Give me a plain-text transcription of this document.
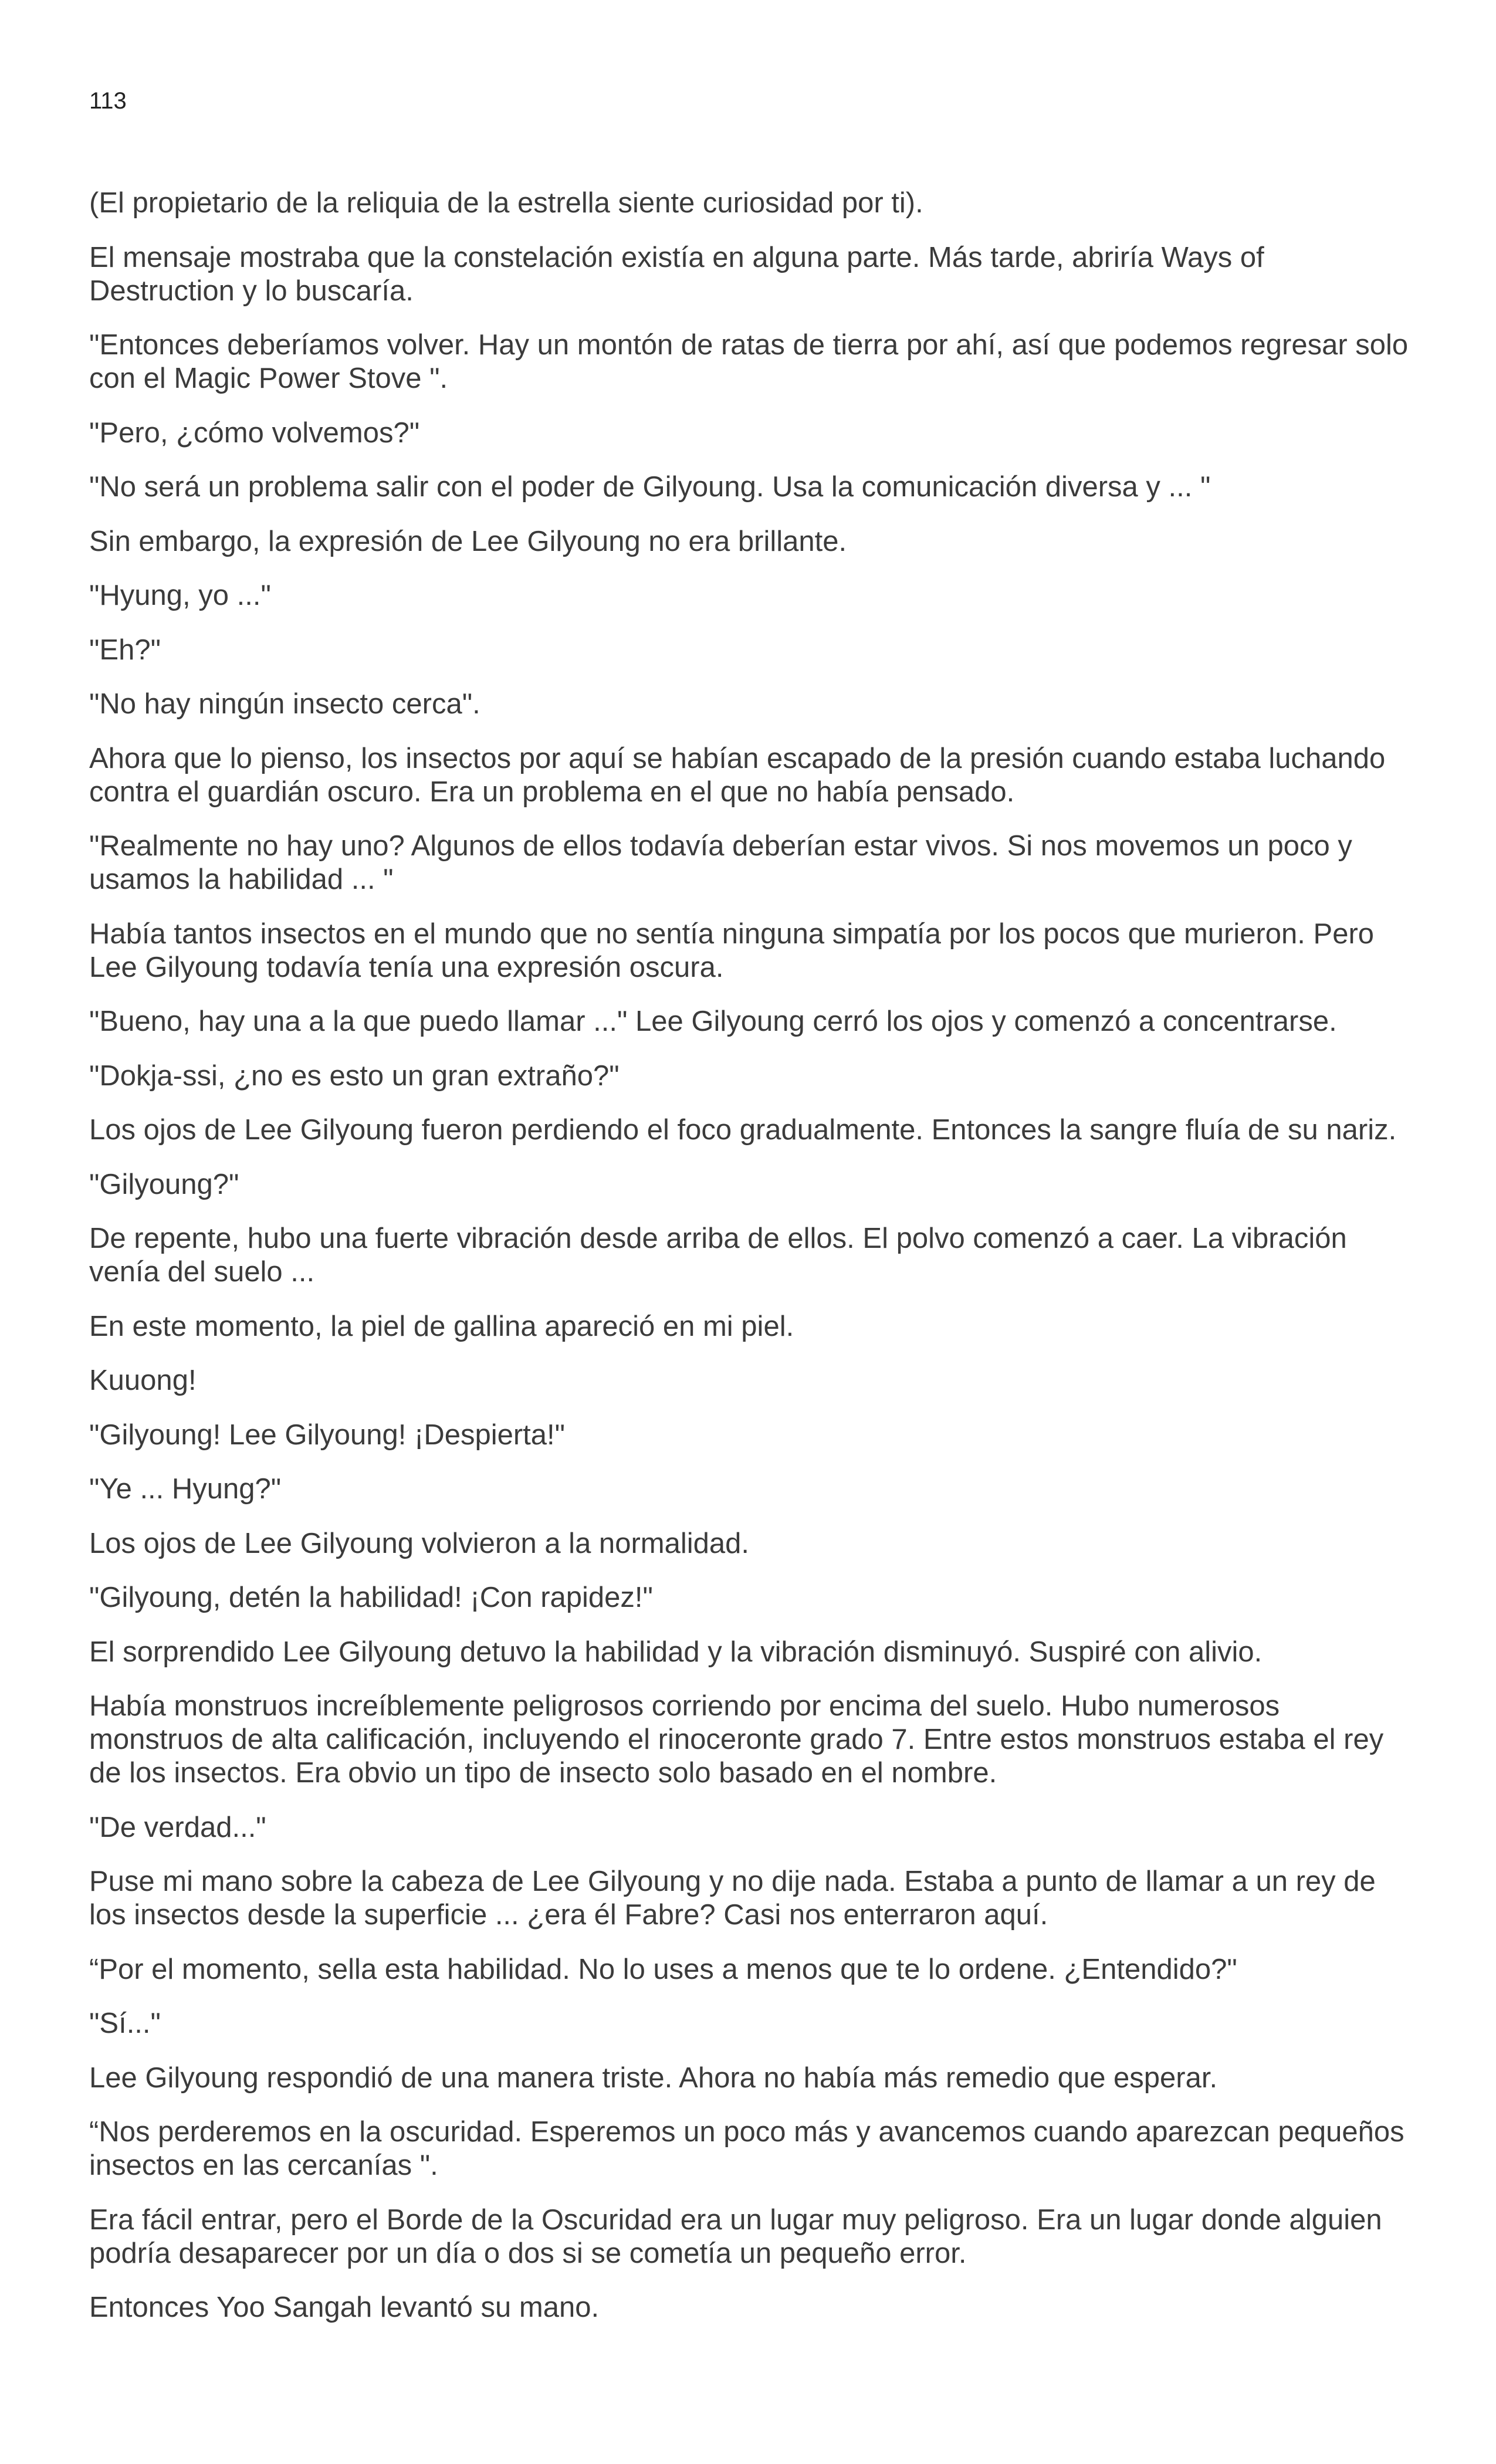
113

(El propietario de la reliquia de la estrella siente curiosidad por ti).

El mensaje mostraba que la constelación existía en alguna parte. Más tarde, abriría Ways of Destruction y lo buscaría.

"Entonces deberíamos volver. Hay un montón de ratas de tierra por ahí, así que podemos regresar solo con el Magic Power Stove ".

"Pero, ¿cómo volvemos?"

"No será un problema salir con el poder de Gilyoung. Usa la comunicación diversa y ... "

Sin embargo, la expresión de Lee Gilyoung no era brillante.

"Hyung, yo ..."

"Eh?"

"No hay ningún insecto cerca".

Ahora que lo pienso, los insectos por aquí se habían escapado de la presión cuando estaba luchando contra el guardián oscuro. Era un problema en el que no había pensado.

"Realmente no hay uno? Algunos de ellos todavía deberían estar vivos. Si nos movemos un poco y usamos la habilidad ... "

Había tantos insectos en el mundo que no sentía ninguna simpatía por los pocos que murieron. Pero Lee Gilyoung todavía tenía una expresión oscura.

"Bueno, hay una a la que puedo llamar ..." Lee Gilyoung cerró los ojos y comenzó a concentrarse.

"Dokja-ssi, ¿no es esto un gran extraño?"

Los ojos de Lee Gilyoung fueron perdiendo el foco gradualmente. Entonces la sangre fluía de su nariz.

"Gilyoung?"

De repente, hubo una fuerte vibración desde arriba de ellos. El polvo comenzó a caer. La vibración venía del suelo ...

En este momento, la piel de gallina apareció en mi piel.

Kuuong!

"Gilyoung! Lee Gilyoung! ¡Despierta!"

"Ye ... Hyung?"

Los ojos de Lee Gilyoung volvieron a la normalidad.

"Gilyoung, detén la habilidad! ¡Con rapidez!"

El sorprendido Lee Gilyoung detuvo la habilidad y la vibración disminuyó. Suspiré con alivio.

Había monstruos increíblemente peligrosos corriendo por encima del suelo. Hubo numerosos monstruos de alta calificación, incluyendo el rinoceronte grado 7. Entre estos monstruos estaba el rey de los insectos. Era obvio un tipo de insecto solo basado en el nombre.

"De verdad..."

Puse mi mano sobre la cabeza de Lee Gilyoung y no dije nada. Estaba a punto de llamar a un rey de los insectos desde la superficie ... ¿era él Fabre? Casi nos enterraron aquí.

“Por el momento, sella esta habilidad. No lo uses a menos que te lo ordene. ¿Entendido?"

"Sí..."

Lee Gilyoung respondió de una manera triste. Ahora no había más remedio que esperar.

“Nos perderemos en la oscuridad. Esperemos un poco más y avancemos cuando aparezcan pequeños insectos en las cercanías ".

Era fácil entrar, pero el Borde de la Oscuridad era un lugar muy peligroso. Era un lugar donde alguien podría desaparecer por un día o dos si se cometía un pequeño error.

Entonces Yoo Sangah levantó su mano.
